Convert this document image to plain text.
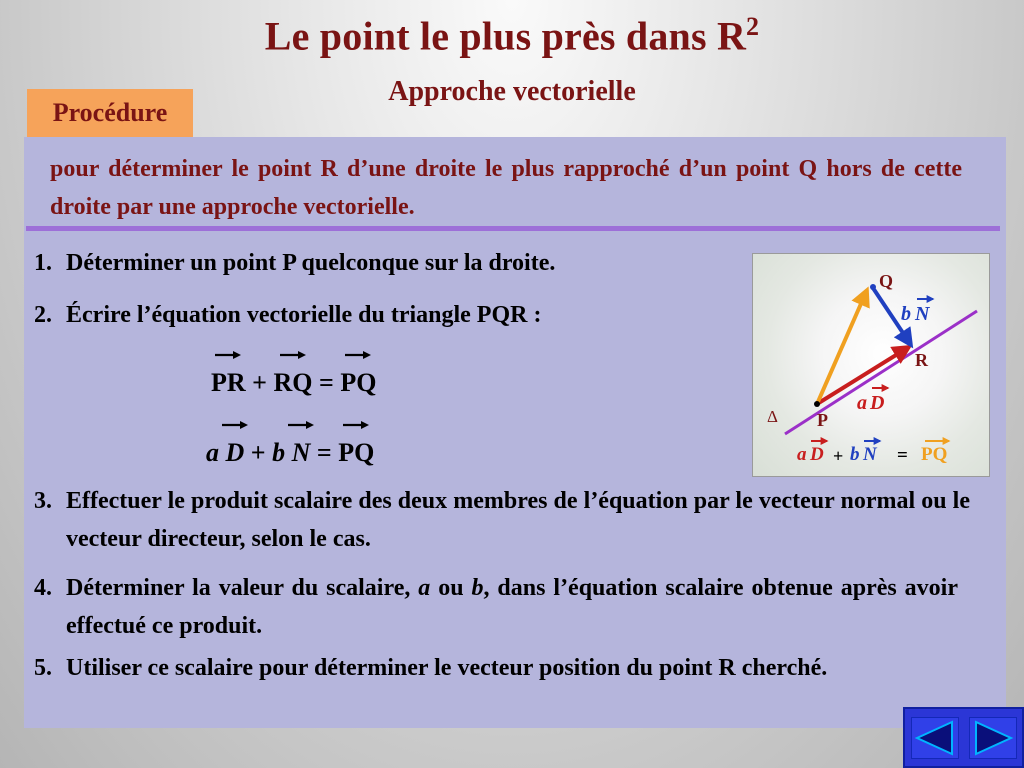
Le point le plus près dans $R^2$
Approche vectorielle
Procédure
pour déterminer le point R d’une droite le plus rapproché d’un point Q hors de cette droite par une approche vectorielle.
1. Déterminer un point P quelconque sur la droite.
2. Écrire l’équation vectorielle du triangle PQR :
PR +
RQ =
PQ
a D + b N =
PQ
Q
R
P
Δ
b N
a D
a D + b N = PQ
3. Effectuer le produit scalaire des deux membres de l’équation par le vecteur normal ou le vecteur directeur, selon le cas.
4. Déterminer la valeur du scalaire, a ou b, dans l’équation scalaire obtenue après avoir effectué ce produit.
5. Utiliser ce scalaire pour déterminer le vecteur position du point R cherché.
